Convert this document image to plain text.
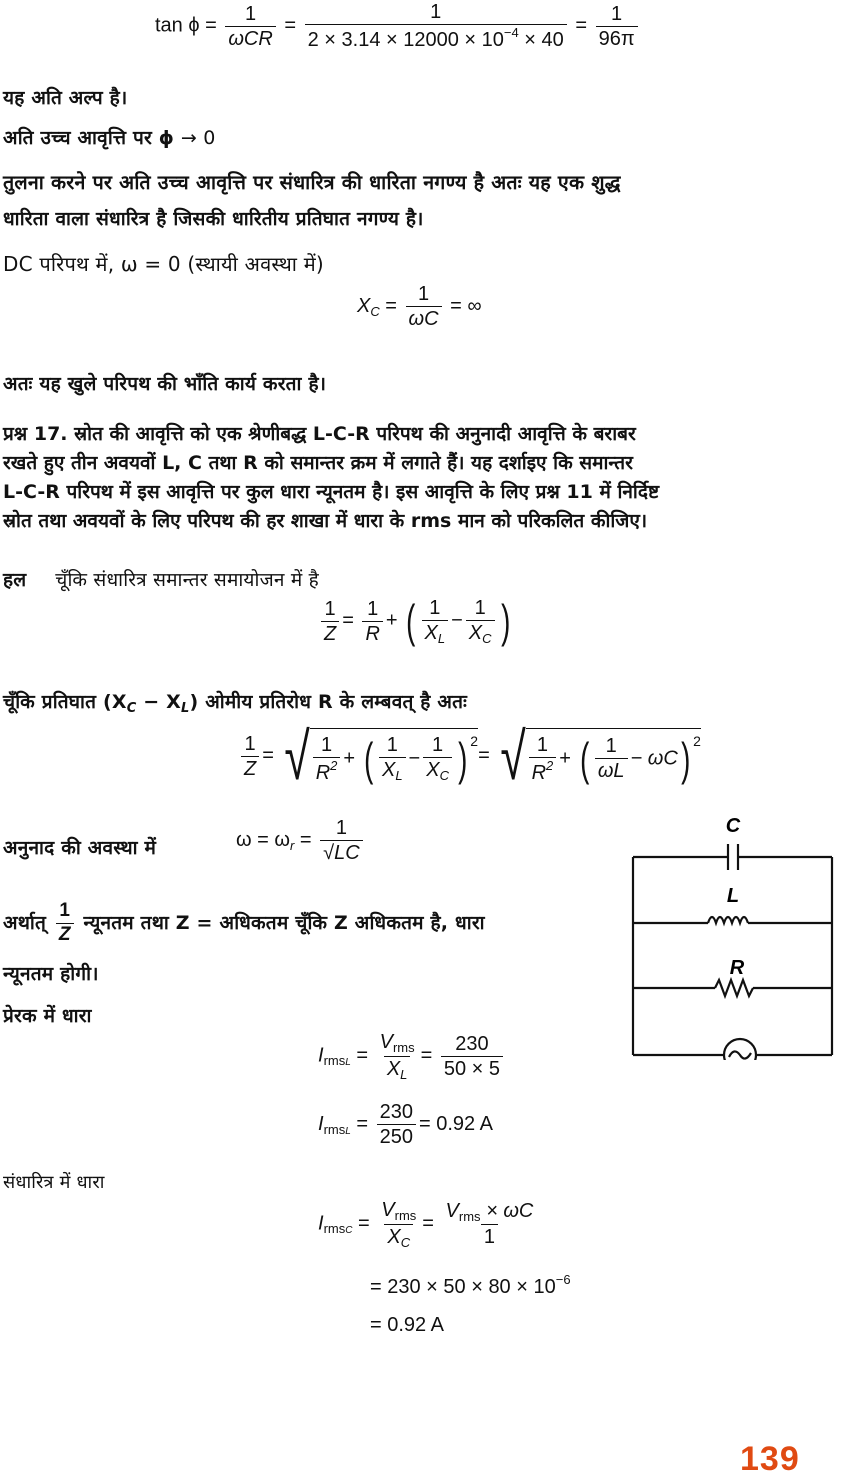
$\tan \phi = \frac{1}{\text{ωCR}} = \frac{1}{2 \times 3.14 \times 12000 \times 10^{-4} \times 40} = \frac{1}{96\pi}$
यह अति अल्प है।
अति उच्च आवृत्ति पर ϕ → 0
तुलना करने पर अति उच्च आवृत्ति पर संधारित्र की धारिता नगण्य है अतः यह एक शुद्ध
धारिता वाला संधारित्र है जिसकी धारितीय प्रतिघात नगण्य है।
DC परिपथ में, ω = 0 (स्थायी अवस्था में)
$X_C = \frac{1}{\omega C}$ = ∞
अतः यह खुले परिपथ की भाँति कार्य करता है।
प्रश्न 17. स्रोत की आवृत्ति को एक श्रेणीबद्ध L-C-R परिपथ की अनुनादी आवृत्ति के बराबर
रखते हुए तीन अवयवों L, C तथा R को समान्तर क्रम में लगाते हैं। यह दर्शाइए कि समान्तर
L-C-R परिपथ में इस आवृत्ति पर कुल धारा न्यूनतम है। इस आवृत्ति के लिए प्रश्न 11 में निर्दिष्ट
स्रोत तथा अवयवों के लिए परिपथ की हर शाखा में धारा के rms मान को परिकलित कीजिए।
हल चूँकि संधारित्र समान्तर समायोजन में है
$\frac{1}{Z} = \frac{1}{R}$ + ( $\frac{1}{X_L} - \frac{1}{X_C}$ )
चूँकि प्रतिघात $(X_C - X_L)$ ओमीय प्रतिरोध R के लम्बवत् है अतः
$\frac{1}{Z}$ = √ $\frac{1}{R^2}$ + ( $\frac{1}{X_L} - \frac{1}{X_C}$ ) $^2$= √ $\frac{1}{R^2}$ + ( $\frac{1}{\omega L} - \omega C$) $^2$
अनुनाद की अवस्था में	$\omega = \omega_r = \frac{1}{√LC}$
अर्थात् $\frac{1}{Z}$ न्यूनतम तथा Z = अधिकतम चूँकि Z अधिकतम है, धारा
न्यूनतम होगी।
प्रेरक में धारा
C
L
R
$I_{rmsL} = \frac{V_{rms}}{X_L} = \frac{230}{50 \times 5}$
$I_{rmsL} = \frac{230}{250} = 0.92$ A
संधारित्र में धारा
$I_{rmsC} = \frac{V_{rms}}{X_C} = \frac{V_{rms} \times \omega C}{1}$
= $230 \times 50 \times 80 \times 10^{-6}$
= 0.92 A
139
